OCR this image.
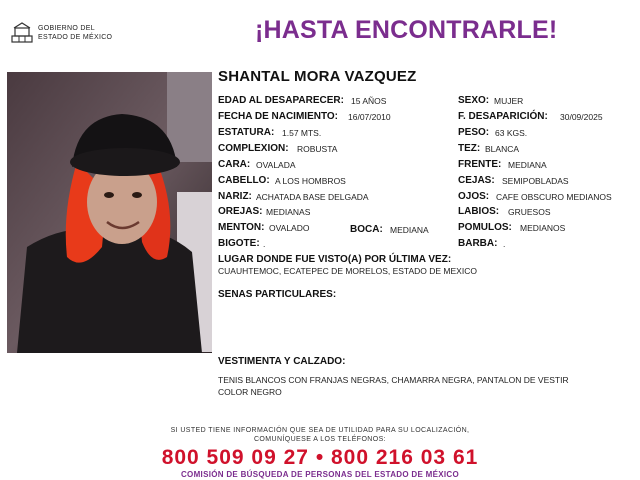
GOBIERNO DEL
ESTADO DE MÉXICO	¡HASTA ENCONTRARLE!
SHANTAL MORA VAZQUEZ
EDAD AL DESAPARECER: 15 AÑOS
FECHA DE NACIMIENTO: 16/07/2010
ESTATURA: 1.57 MTS.
COMPLEXION: ROBUSTA
CARA: OVALADA
CABELLO: A LOS HOMBROS
NARIZ: ACHATADA BASE DELGADA
OREJAS: MEDIANAS
MENTON: OVALADO
BIGOTE: .
BOCA: MEDIANA
SEXO: MUJER
F. DESAPARICIÓN: 30/09/2025
PESO: 63 KGS.
TEZ: BLANCA
FRENTE: MEDIANA
CEJAS: SEMIPOBLADAS
OJOS: CAFE OBSCURO MEDIANOS
LABIOS: GRUESOS
POMULOS: MEDIANOS
BARBA: .
LUGAR DONDE FUE VISTO(A) POR ÚLTIMA VEZ:
CUAUHTEMOC, ECATEPEC DE MORELOS, ESTADO DE MEXICO
SENAS PARTICULARES:
VESTIMENTA Y CALZADO:
TENIS BLANCOS CON FRANJAS NEGRAS, CHAMARRA NEGRA, PANTALON DE VESTIR
COLOR NEGRO
SI USTED TIENE INFORMACIÓN QUE SEA DE UTILIDAD PARA SU LOCALIZACIÓN,
COMUNÍQUESE A LOS TELÉFONOS:
800 509 09 27 • 800 216 03 61
COMISIÓN DE BÚSQUEDA DE PERSONAS DEL ESTADO DE MÉXICO
